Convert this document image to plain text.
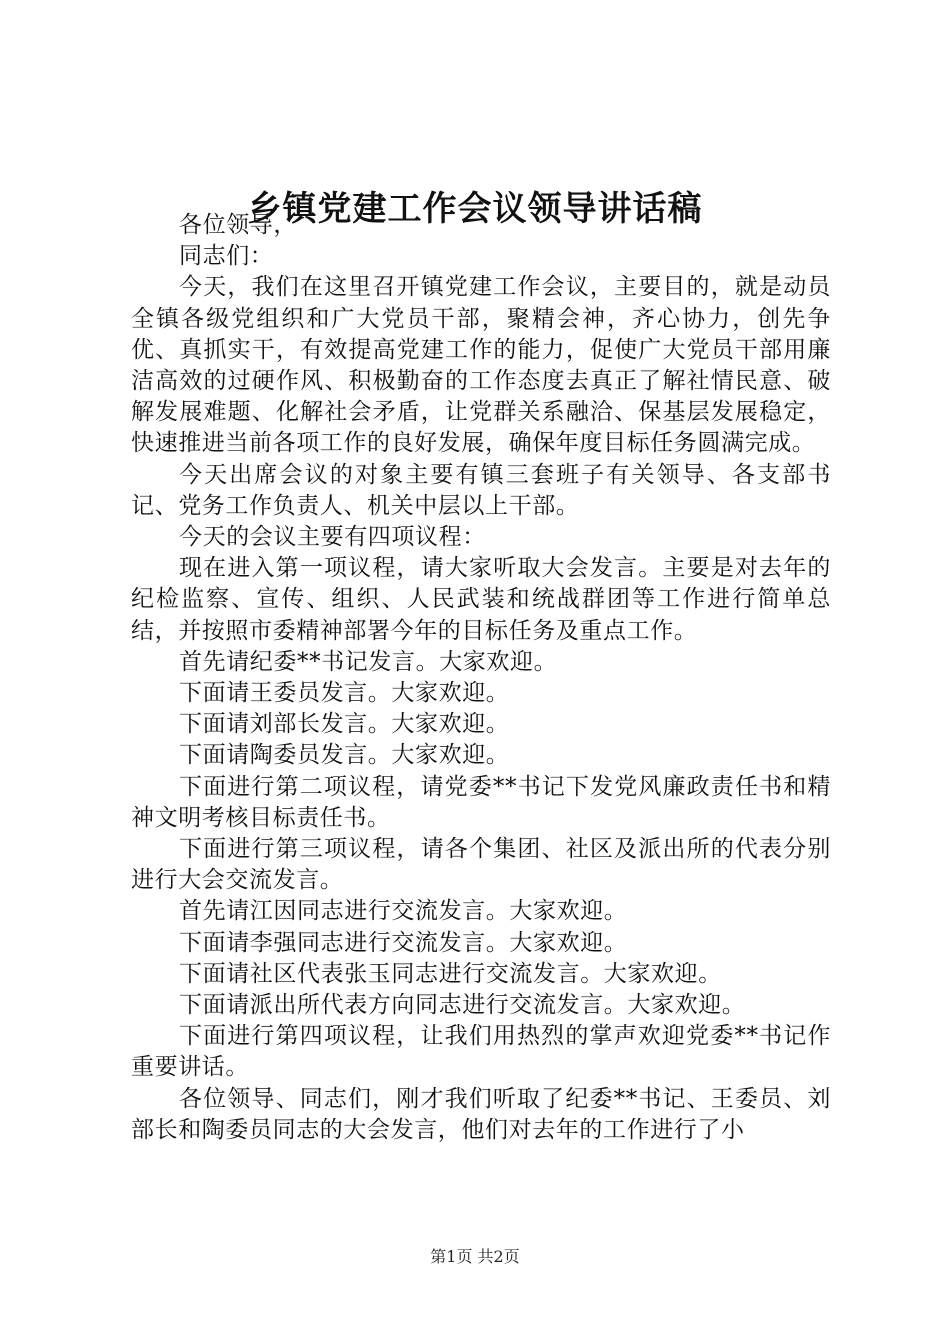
乡镇党建工作会议领导讲话稿

各位领导，

同志们：

今天，我们在这里召开镇党建工作会议，主要目的，就是动员全镇各级党组织和广大党员干部，聚精会神，齐心协力，创先争优、真抓实干，有效提高党建工作的能力，促使广大党员干部用廉洁高效的过硬作风、积极勤奋的工作态度去真正了解社情民意、破解发展难题、化解社会矛盾，让党群关系融洽、保基层发展稳定，快速推进当前各项工作的良好发展，确保年度目标任务圆满完成。

今天出席会议的对象主要有镇三套班子有关领导、各支部书记、党务工作负责人、机关中层以上干部。

今天的会议主要有四项议程：

现在进入第一项议程，请大家听取大会发言。主要是对去年的纪检监察、宣传、组织、人民武装和统战群团等工作进行简单总结，并按照市委精神部署今年的目标任务及重点工作。

首先请纪委**书记发言。大家欢迎。

下面请王委员发言。大家欢迎。

下面请刘部长发言。大家欢迎。

下面请陶委员发言。大家欢迎。

下面进行第二项议程，请党委**书记下发党风廉政责任书和精神文明考核目标责任书。

下面进行第三项议程，请各个集团、社区及派出所的代表分别进行大会交流发言。

首先请江因同志进行交流发言。大家欢迎。

下面请李强同志进行交流发言。大家欢迎。

下面请社区代表张玉同志进行交流发言。大家欢迎。

下面请派出所代表方向同志进行交流发言。大家欢迎。

下面进行第四项议程，让我们用热烈的掌声欢迎党委**书记作重要讲话。

各位领导、同志们，刚才我们听取了纪委**书记、王委员、刘部长和陶委员同志的大会发言，他们对去年的工作进行了小

第1页 共2页
